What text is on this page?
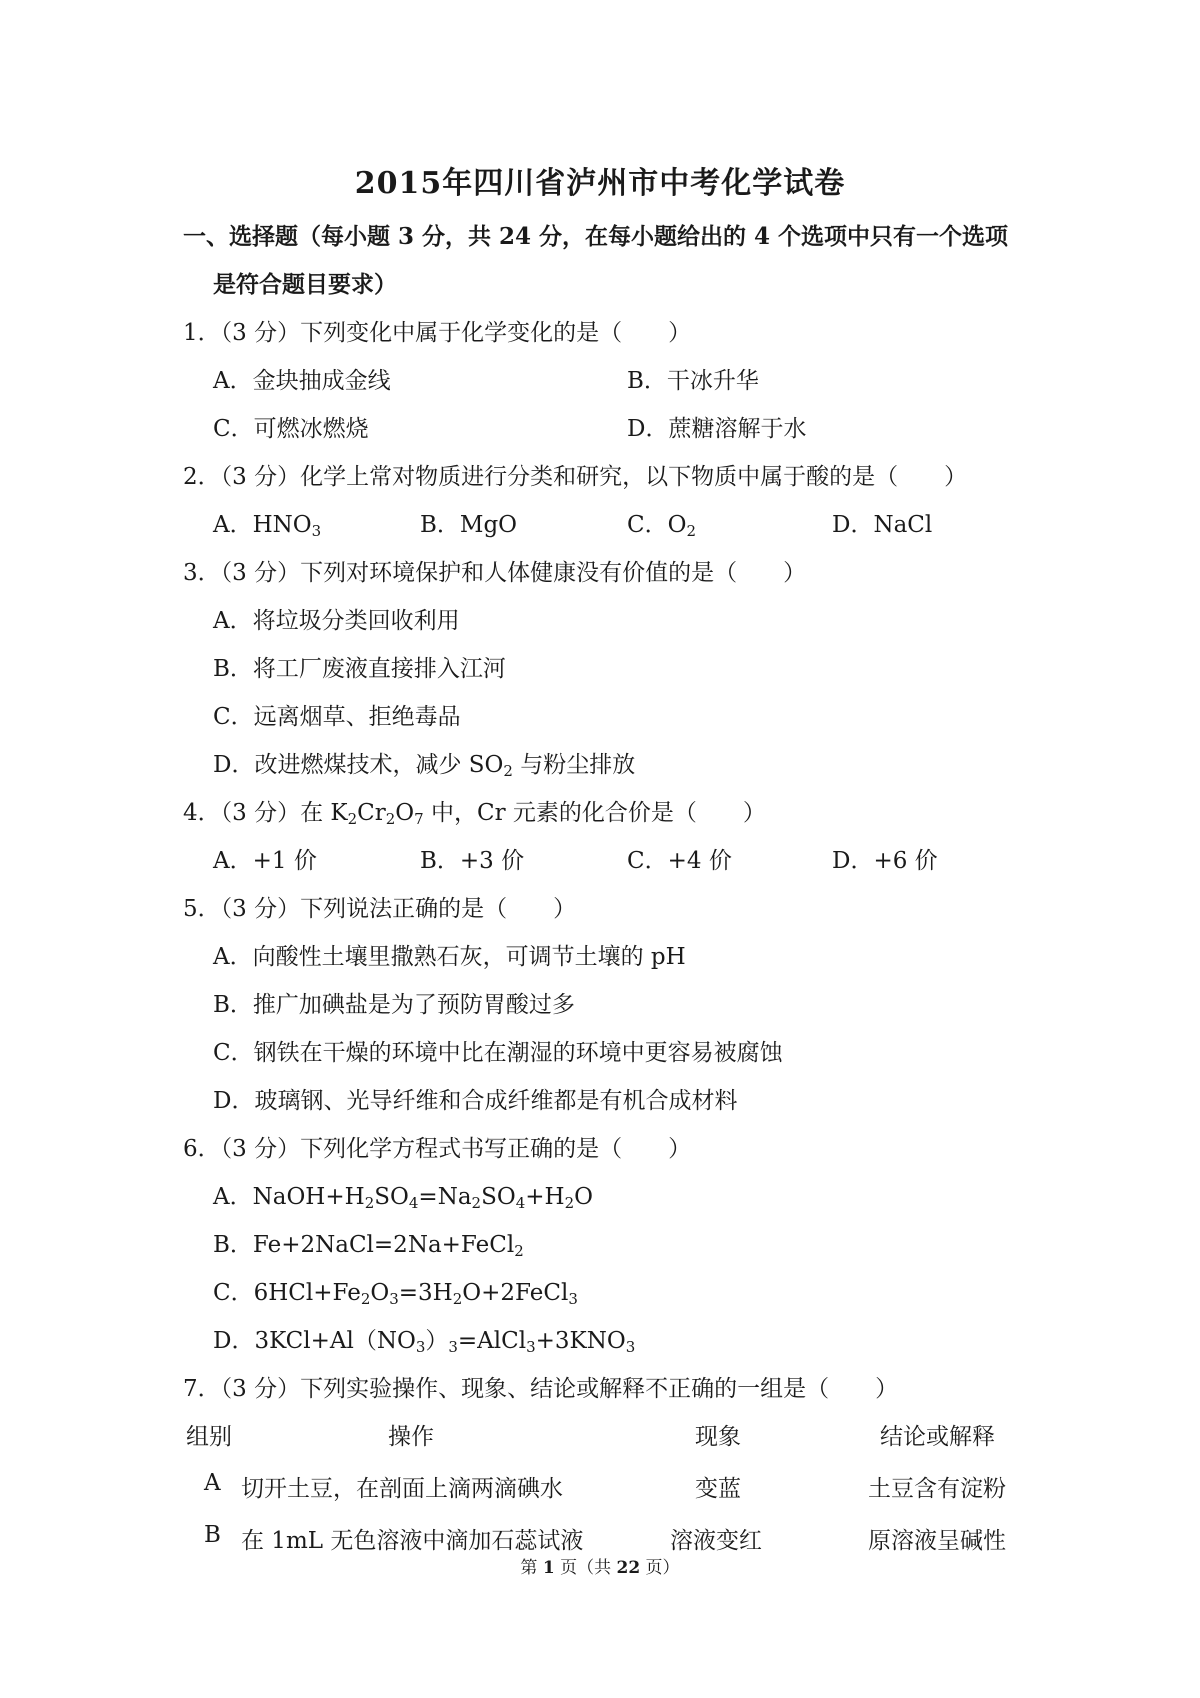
2015年四川省泸州市中考化学试卷
一、选择题（每小题 3 分，共 24 分，在每小题给出的 4 个选项中只有一个选项
是符合题目要求）
1．（3 分）下列变化中属于化学变化的是（　　）
A．金块抽成金线	B．干冰升华
C．可燃冰燃烧	D．蔗糖溶解于水
2．（3 分）化学上常对物质进行分类和研究，以下物质中属于酸的是（　　）
A．$HNO_3$	B．MgO	C．$O_2$	D．NaCl
3．（3 分）下列对环境保护和人体健康没有价值的是（　　）
A．将垃圾分类回收利用
B．将工厂废液直接排入江河
C．远离烟草、拒绝毒品
D．改进燃煤技术，减少 $SO_2$ 与粉尘排放
4．（3 分）在 $K_2Cr_2O_7$ 中，Cr 元素的化合价是（　　）
A．+1 价	B．+3 价	C．+4 价	D．+6 价
5．（3 分）下列说法正确的是（　　）
A．向酸性土壤里撒熟石灰，可调节土壤的 pH
B．推广加碘盐是为了预防胃酸过多
C．钢铁在干燥的环境中比在潮湿的环境中更容易被腐蚀
D．玻璃钢、光导纤维和合成纤维都是有机合成材料
6．（3 分）下列化学方程式书写正确的是（　　）
A．$NaOH+H_2SO_4=Na_2SO_4+H_2O$
B．Fe+2NaCl=2Na+FeCl$_2$
C．$6HCl+Fe_2O_3=3H_2O+2FeCl_3$
D．$3KCl+Al(NO_3)_3=AlCl_3+3KNO_3$
7．（3 分）下列实验操作、现象、结论或解释不正确的一组是（　　）
组别	操作	现象	结论或解释
A 切开土豆，在剖面上滴两滴碘水	变蓝	土豆含有淀粉
B 在 1mL 无色溶液中滴加石蕊试液	溶液变红	原溶液呈碱性
第 1 页（共 22 页）
